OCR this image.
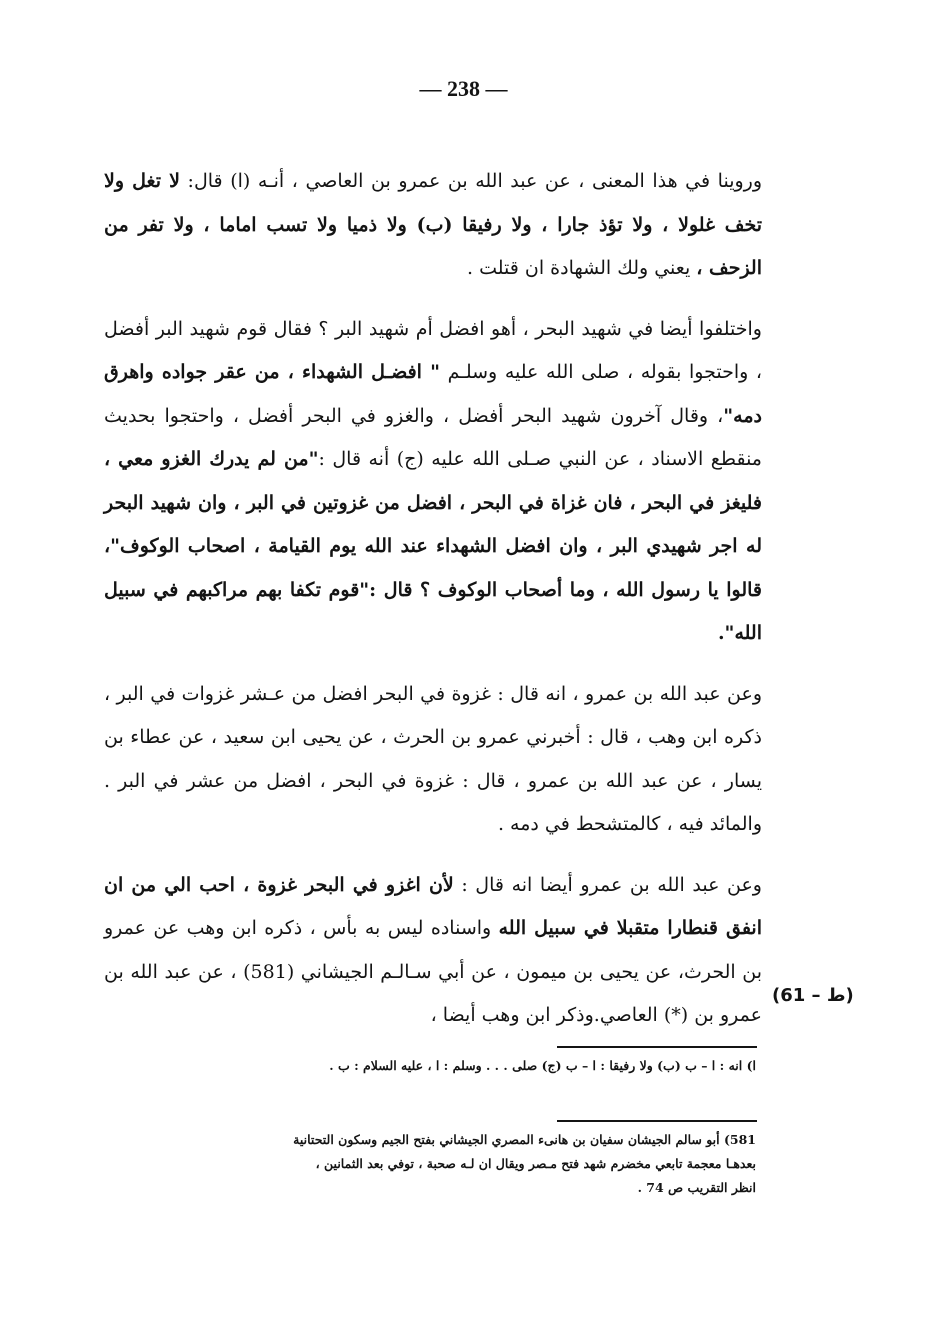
— 238 —

وروينا في هذا المعنى ، عن عبد الله بن عمرو بن العاصي ، أنـه (ا) قال: لا تغل ولا تخف غلولا ، ولا تؤذ جارا ، ولا رفيقا (ب) ولا ذميا ولا تسب اماما ، ولا تفر من الزحف ، يعني ولك الشهادة ان قتلت .

واختلفوا أيضا في شهيد البحر ، أهو افضل أم شهيد البر ؟ فقال قوم شهيد البر أفضل ، واحتجوا بقوله ، صلى الله عليه وسلـم " افضـل الشهداء ، من عقر جواده واهرق دمه"، وقال آخرون شهيد البحر أفضل ، والغزو في البحر أفضل ، واحتجوا بحديث منقطع الاسناد ، عن النبي صـلى الله عليه (ج) أنه قال :"من لم يدرك الغزو معي ، فليغز في البحر ، فان غزاة في البحر ، افضل من غزوتين في البر ، وان شهيد البحر له اجر شهيدي البر ، وان افضل الشهداء عند الله يوم القيامة ، اصحاب الوكوف"، قالوا يا رسول الله ، وما أصحاب الوكوف ؟ قال :"قوم تكفا بهم مراكبهم في سبيل الله".

وعن عبد الله بن عمرو ، انه قال : غزوة في البحر افضل من عـشر غزوات في البر ، ذكره ابن وهب ، قال : أخبرني عمرو بن الحرث ، عن يحيى ابن سعيد ، عن عطاء بن يسار ، عن عبد الله بن عمرو ، قال : غزوة في البحر ، افضل من عشر في البر . والمائد فيه ، كالمتشحط في دمه .

وعن عبد الله بن عمرو أيضا انه قال : لأن اغزو في البحر غزوة ، احب الي من ان انفق قنطارا متقبلا في سبيل الله واسناده ليس به بأس ، ذكره ابن وهب عن عمرو بن الحرث، عن يحيى بن ميمون ، عن أبي سـالـم الجيشاني (581) ، عن عبد الله بن عمرو بن (*) العاصي.وذكر ابن وهب أيضا ،

(61 – ط)
ا) انه : ا – ب (ب) ولا رفيقا : ا – ب (ج) صلى . . . وسلم : ا ، عليه السلام : ب .

581) أبو سالم الجيشان سفيان بن هانىء المصري الجيشاني بفتح الجيم وسكون التحتانية

بعدهـا معجمة تابعي مخضرم شهد فتح مـصر ويقال ان لـه صحبة ، توفي بعد الثمانين ،

انظر التقريب ص 74 .
